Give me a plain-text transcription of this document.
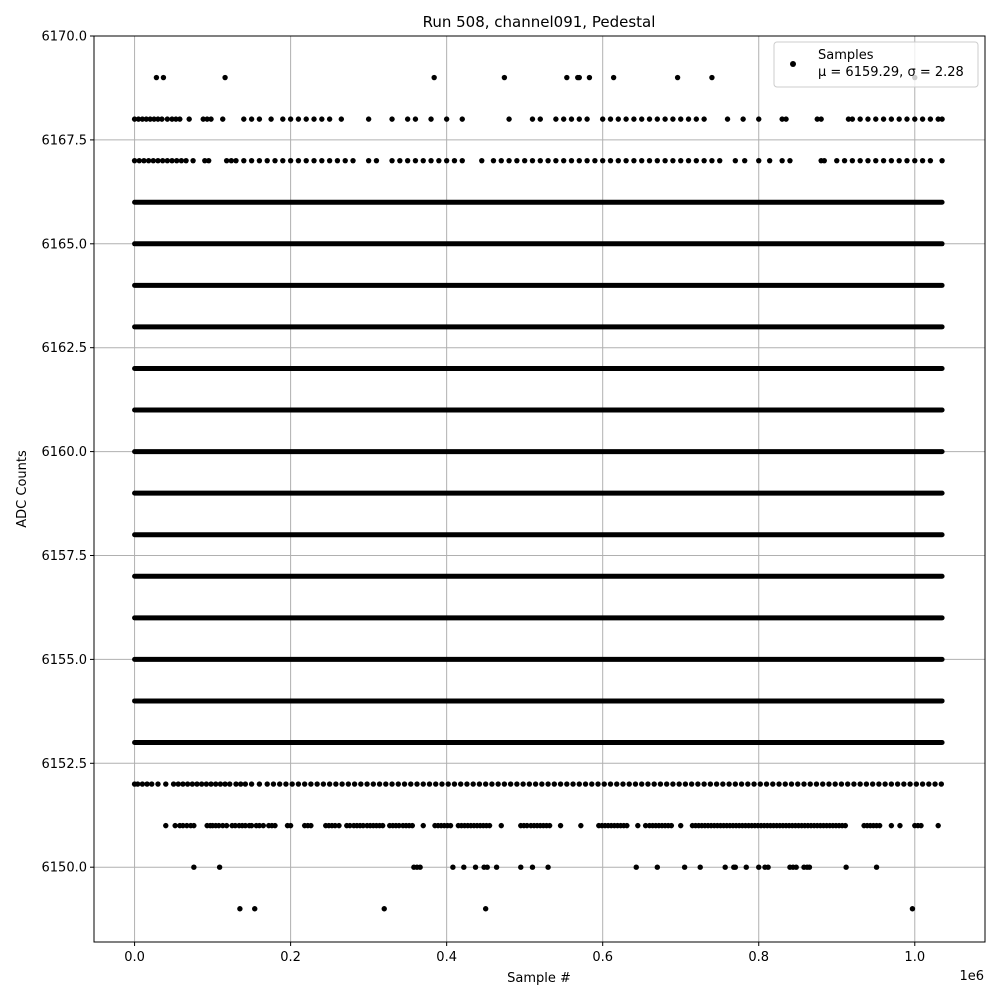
Run 508, channel091, Pedestal
0.0	0.2	0.4	0.6	0.8	1.0
6150.0
6152.5
6155.0
6157.5
6160.0
6162.5
6165.0
6167.5
6170.0
Sample #	1e6
ADC Counts
Samples
μ = 6159.29, σ = 2.28
